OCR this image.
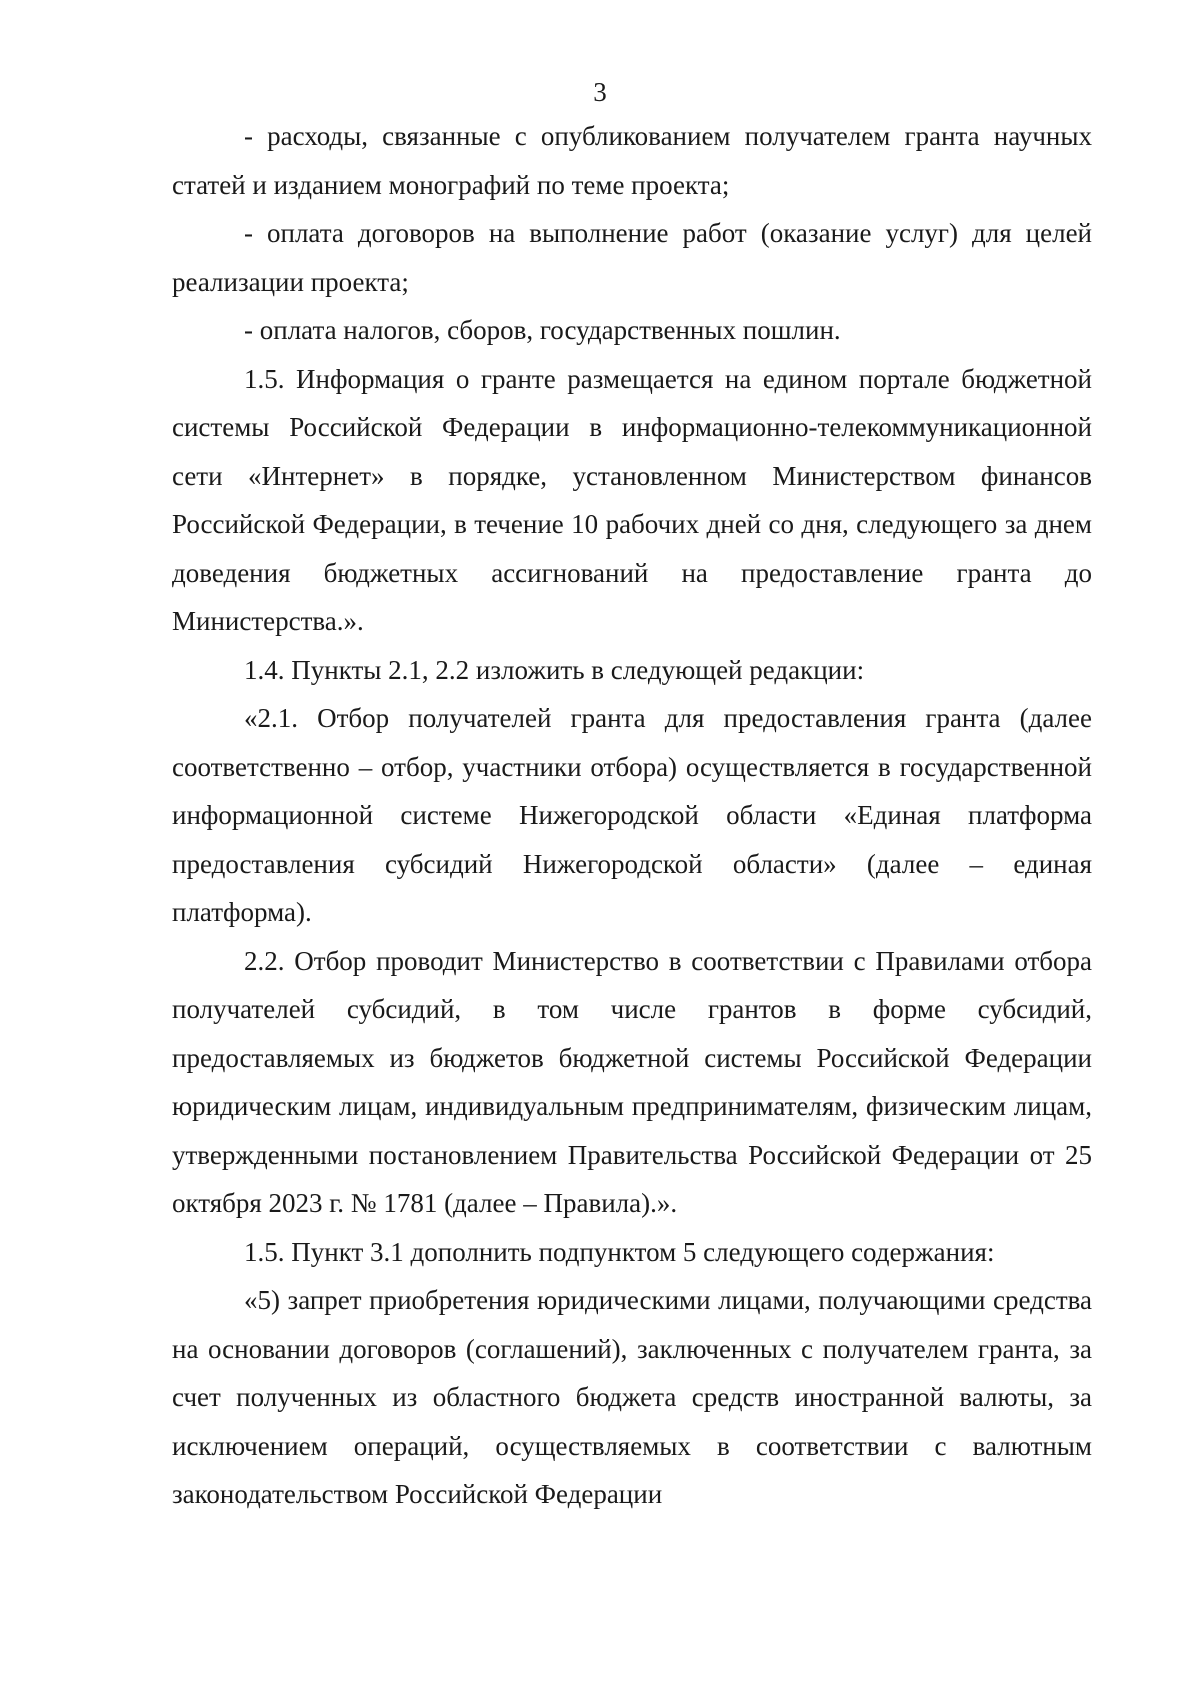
3

- расходы, связанные с опубликованием получателем гранта научных статей и изданием монографий по теме проекта;

- оплата договоров на выполнение работ (оказание услуг) для целей реализации проекта;

- оплата налогов, сборов, государственных пошлин.

1.5. Информация о гранте размещается на едином портале бюджетной системы Российской Федерации в информационно-телекоммуникационной сети «Интернет» в порядке, установленном Министерством финансов Российской Федерации, в течение 10 рабочих дней со дня, следующего за днем доведения бюджетных ассигнований на предоставление гранта до Министерства.».

1.4. Пункты 2.1, 2.2 изложить в следующей редакции:

«2.1. Отбор получателей гранта для предоставления гранта (далее соответственно – отбор, участники отбора) осуществляется в государственной информационной системе Нижегородской области «Единая платформа предоставления субсидий Нижегородской области» (далее – единая платформа).

2.2. Отбор проводит Министерство в соответствии с Правилами отбора получателей субсидий, в том числе грантов в форме субсидий, предоставляемых из бюджетов бюджетной системы Российской Федерации юридическим лицам, индивидуальным предпринимателям, физическим лицам, утвержденными постановлением Правительства Российской Федерации от 25 октября 2023 г. № 1781 (далее – Правила).».

1.5. Пункт 3.1 дополнить подпунктом 5 следующего содержания:

«5) запрет приобретения юридическими лицами, получающими средства на основании договоров (соглашений), заключенных с получателем гранта, за счет полученных из областного бюджета средств иностранной валюты, за исключением операций, осуществляемых в соответствии с валютным законодательством Российской Федерации
